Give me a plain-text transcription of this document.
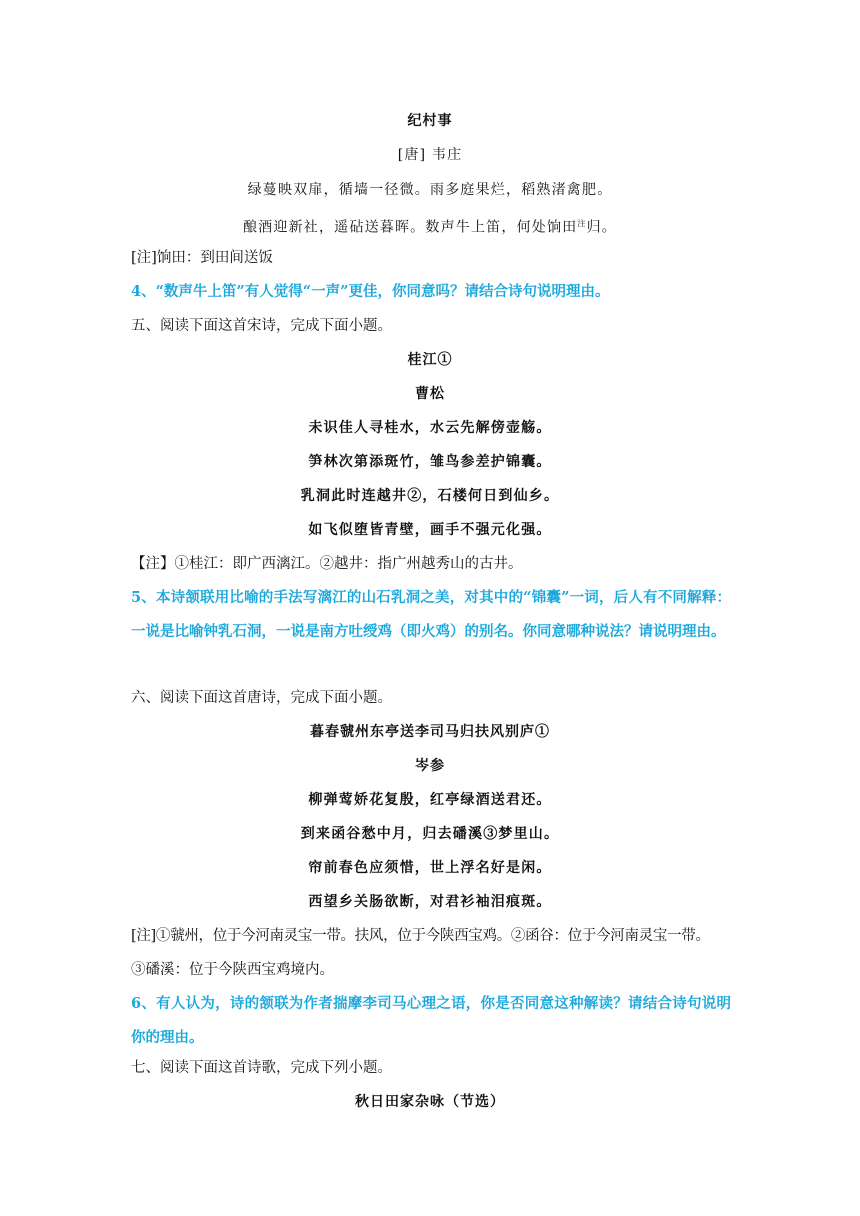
纪村事
[唐] 韦庄
绿蔓映双扉，循墙一径微。雨多庭果烂，稻熟渚禽肥。
酿酒迎新社，遥砧送暮晖。数声牛上笛，何处饷田$^注$归。
[注]饷田：到田间送饭
4、“数声牛上笛”有人觉得“一声”更佳，你同意吗？请结合诗句说明理由。
五、阅读下面这首宋诗，完成下面小题。
桂江①
曹松
未识佳人寻桂水，水云先解傍壶觞。
笋林次第添斑竹，雏鸟参差护锦囊。
乳洞此时连越井②，石楼何日到仙乡。
如飞似堕皆青壁，画手不强元化强。
【注】①桂江：即广西漓江。②越井：指广州越秀山的古井。
5、本诗颔联用比喻的手法写漓江的山石乳洞之美，对其中的“锦囊”一词，后人有不同解释：一说是比喻钟乳石洞，一说是南方吐绶鸡（即火鸡）的别名。你同意哪种说法？请说明理由。
六、阅读下面这首唐诗，完成下面小题。
暮春虢州东亭送李司马归扶风别庐①
岑参
柳弹莺娇花复殷，红亭绿酒送君还。
到来函谷愁中月，归去磻溪③梦里山。
帘前春色应须惜，世上浮名好是闲。
西望乡关肠欲断，对君衫袖泪痕斑。
[注]①虢州，位于今河南灵宝一带。扶风，位于今陕西宝鸡。②函谷：位于今河南灵宝一带。
③磻溪：位于今陕西宝鸡境内。
6、有人认为，诗的颔联为作者揣摩李司马心理之语，你是否同意这种解读？请结合诗句说明你的理由。
七、阅读下面这首诗歌，完成下列小题。
秋日田家杂咏（节选）
